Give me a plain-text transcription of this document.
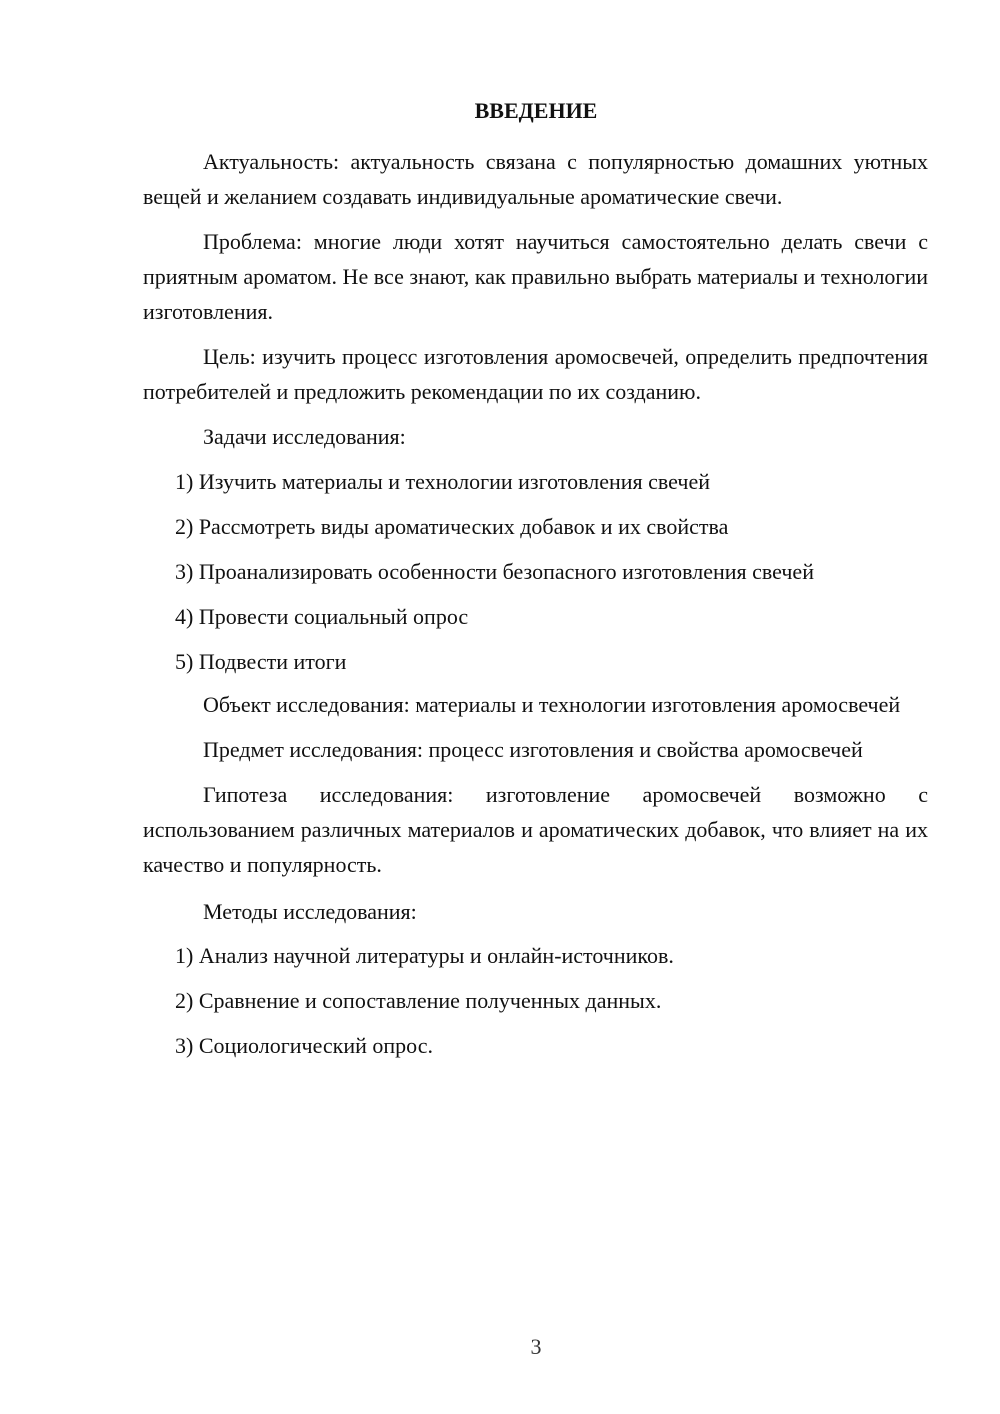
ВВЕДЕНИЕ

Актуальность: актуальность связана с популярностью домашних уютных вещей и желанием создавать индивидуальные ароматические свечи.

Проблема: многие люди хотят научиться самостоятельно делать свечи с приятным ароматом. Не все знают, как правильно выбрать материалы и технологии изготовления.

Цель: изучить процесс изготовления аромосвечей, определить предпочтения потребителей и предложить рекомендации по их созданию.

Задачи исследования:

1) Изучить материалы и технологии изготовления свечей
2) Рассмотреть виды ароматических добавок и их свойства
3) Проанализировать особенности безопасного изготовления свечей
4) Провести социальный опрос
5) Подвести итоги

Объект исследования: материалы и технологии изготовления аромосвечей

Предмет исследования: процесс изготовления и свойства аромосвечей

Гипотеза исследования: изготовление аромосвечей возможно с использованием различных материалов и ароматических добавок, что влияет на их качество и популярность.

Методы исследования:

1) Анализ научной литературы и онлайн-источников.
2) Сравнение и сопоставление полученных данных.
3) Социологический опрос.

3
